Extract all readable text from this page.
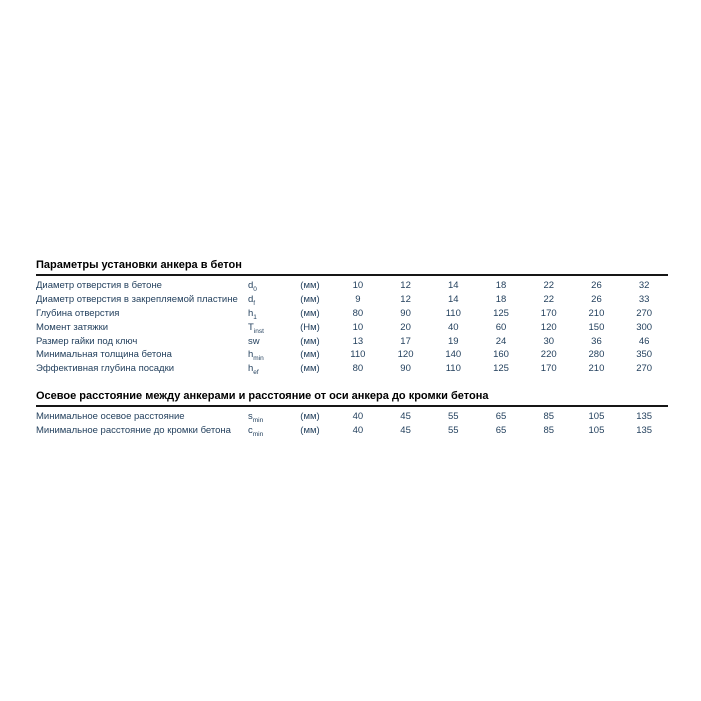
Параметры установки анкера в бетон
Диаметр отверстия в бетоне	$d_0$	(мм)	10	12	14	18	22	26	32
Диаметр отверстия в закрепляемой пластине	$d_f$	(мм)	9	12	14	18	22	26	33
Глубина отверстия	$h_1$	(мм)	80	90	110	125	170	210	270
Момент затяжки	$T_{inst}$	(Нм)	10	20	40	60	120	150	300
Размер гайки под ключ	sw	(мм)	13	17	19	24	30	36	46
Минимальная толщина бетона	$h_{min}$	(мм)	110	120	140	160	220	280	350
Эффективная глубина посадки	$h_{ef}$	(мм)	80	90	110	125	170	210	270
Осевое расстояние между анкерами и расстояние от оси анкера до кромки бетона
Минимальное осевое расстояние	$s_{min}$	(мм)	40	45	55	65	85	105	135
Минимальное расстояние до кромки бетона	$c_{min}$	(мм)	40	45	55	65	85	105	135
